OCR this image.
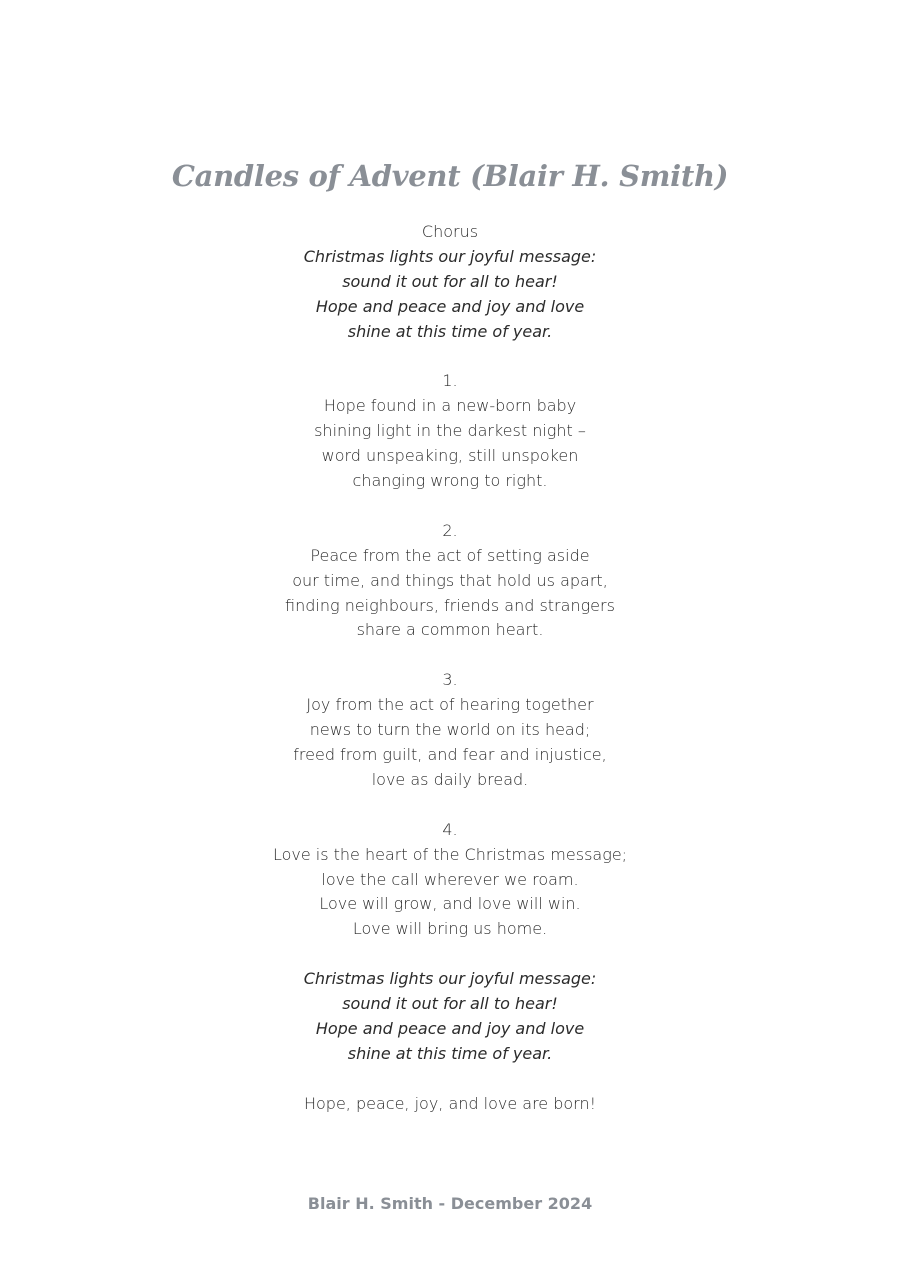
Candles of Advent (Blair H. Smith)
Chorus
Christmas lights our joyful message:
sound it out for all to hear!
Hope and peace and joy and love
shine at this time of year.
1.
Hope found in a new-born baby
shining light in the darkest night –
word unspeaking, still unspoken
changing wrong to right.
2.
Peace from the act of setting aside
our time, and things that hold us apart,
finding neighbours, friends and strangers
share a common heart.
3.
Joy from the act of hearing together
news to turn the world on its head;
freed from guilt, and fear and injustice,
love as daily bread.
4.
Love is the heart of the Christmas message;
love the call wherever we roam.
Love will grow, and love will win.
Love will bring us home.
Christmas lights our joyful message:
sound it out for all to hear!
Hope and peace and joy and love
shine at this time of year.
Hope, peace, joy, and love are born!
Blair H. Smith - December 2024
